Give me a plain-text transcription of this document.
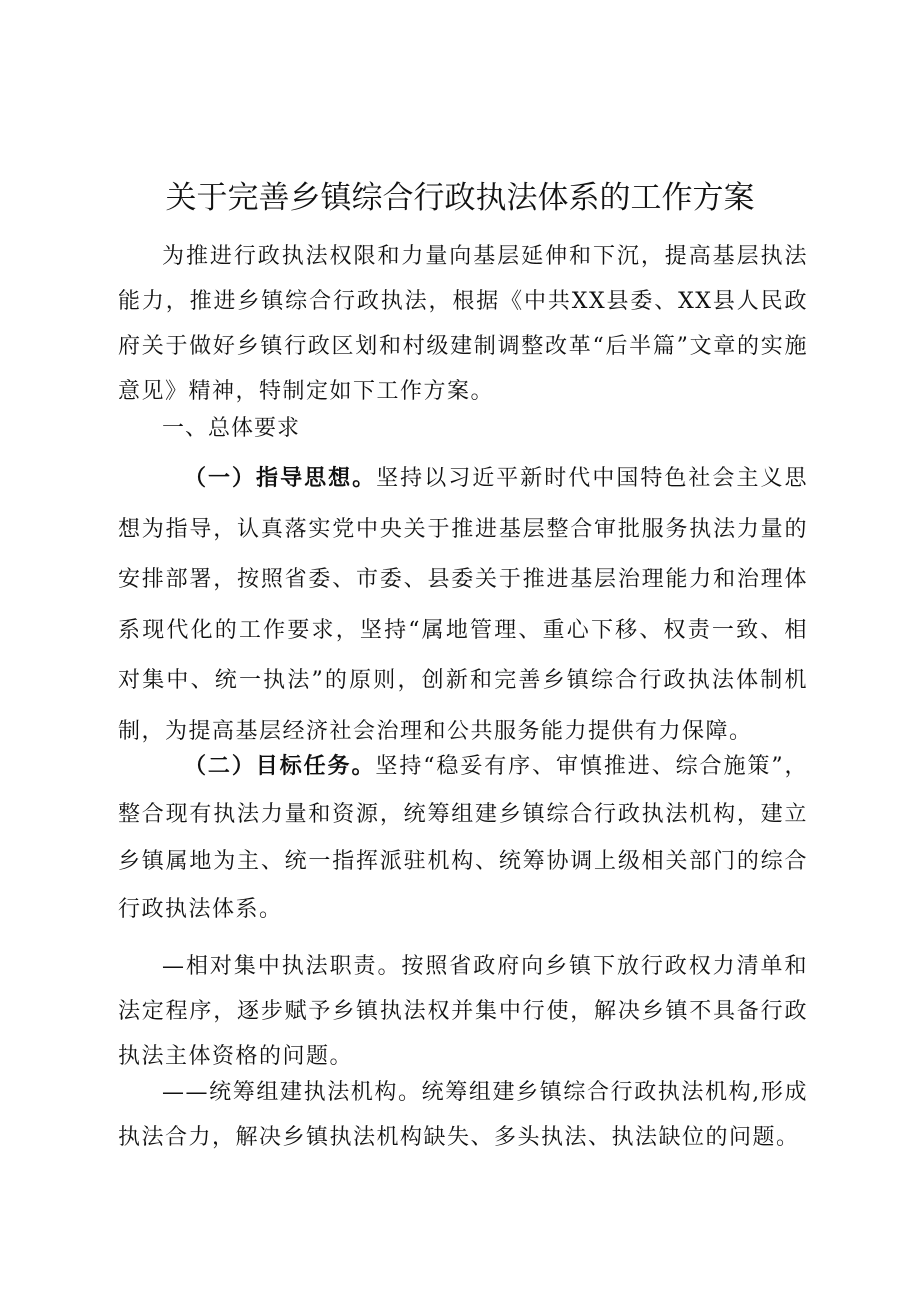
关于完善乡镇综合行政执法体系的工作方案
为推进行政执法权限和力量向基层延伸和下沉，提高基层执法能力，推进乡镇综合行政执法，根据《中共XX县委、XX县人民政府关于做好乡镇行政区划和村级建制调整改革“后半篇”文章的实施意见》精神，特制定如下工作方案。
一、总体要求
（一）指导思想。坚持以习近平新时代中国特色社会主义思想为指导，认真落实党中央关于推进基层整合审批服务执法力量的安排部署，按照省委、市委、县委关于推进基层治理能力和治理体系现代化的工作要求，坚持“属地管理、重心下移、权责一致、相对集中、统一执法”的原则，创新和完善乡镇综合行政执法体制机制，为提高基层经济社会治理和公共服务能力提供有力保障。
（二）目标任务。坚持“稳妥有序、审慎推进、综合施策”，整合现有执法力量和资源，统筹组建乡镇综合行政执法机构，建立乡镇属地为主、统一指挥派驻机构、统筹协调上级相关部门的综合行政执法体系。
—相对集中执法职责。按照省政府向乡镇下放行政权力清单和法定程序，逐步赋予乡镇执法权并集中行使，解决乡镇不具备行政执法主体资格的问题。
——统筹组建执法机构。统筹组建乡镇综合行政执法机构,形成执法合力，解决乡镇执法机构缺失、多头执法、执法缺位的问题。
